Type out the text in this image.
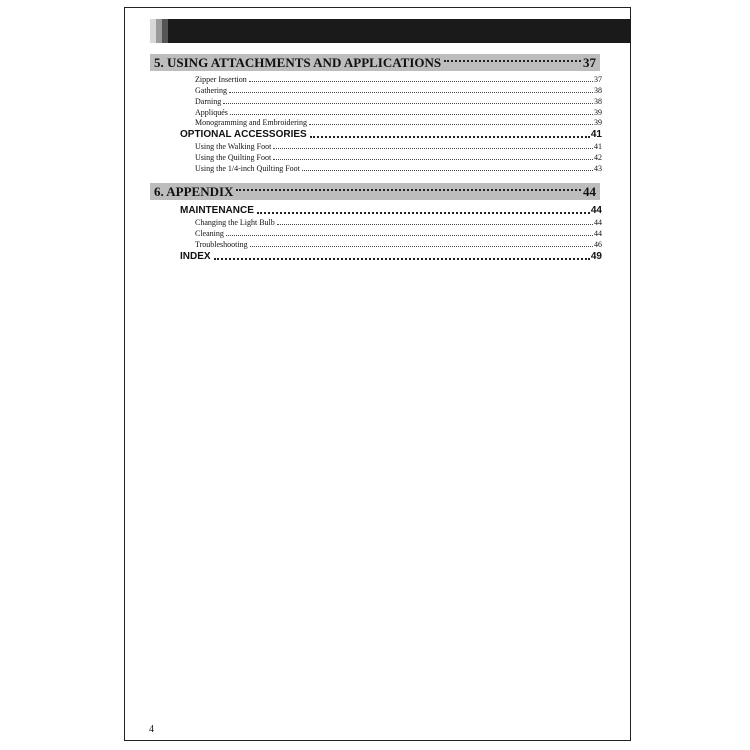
5. USING ATTACHMENTS AND APPLICATIONS	37
Zipper Insertion	37
Gathering	38
Darning	38
Appliqués	39
Monogramming and Embroidering	39
OPTIONAL ACCESSORIES	41
Using the Walking Foot	41
Using the Quilting Foot	42
Using the 1/4-inch Quilting Foot	43
6. APPENDIX	44
MAINTENANCE	44
Changing the Light Bulb	44
Cleaning	44
Troubleshooting	46
INDEX	49
4
